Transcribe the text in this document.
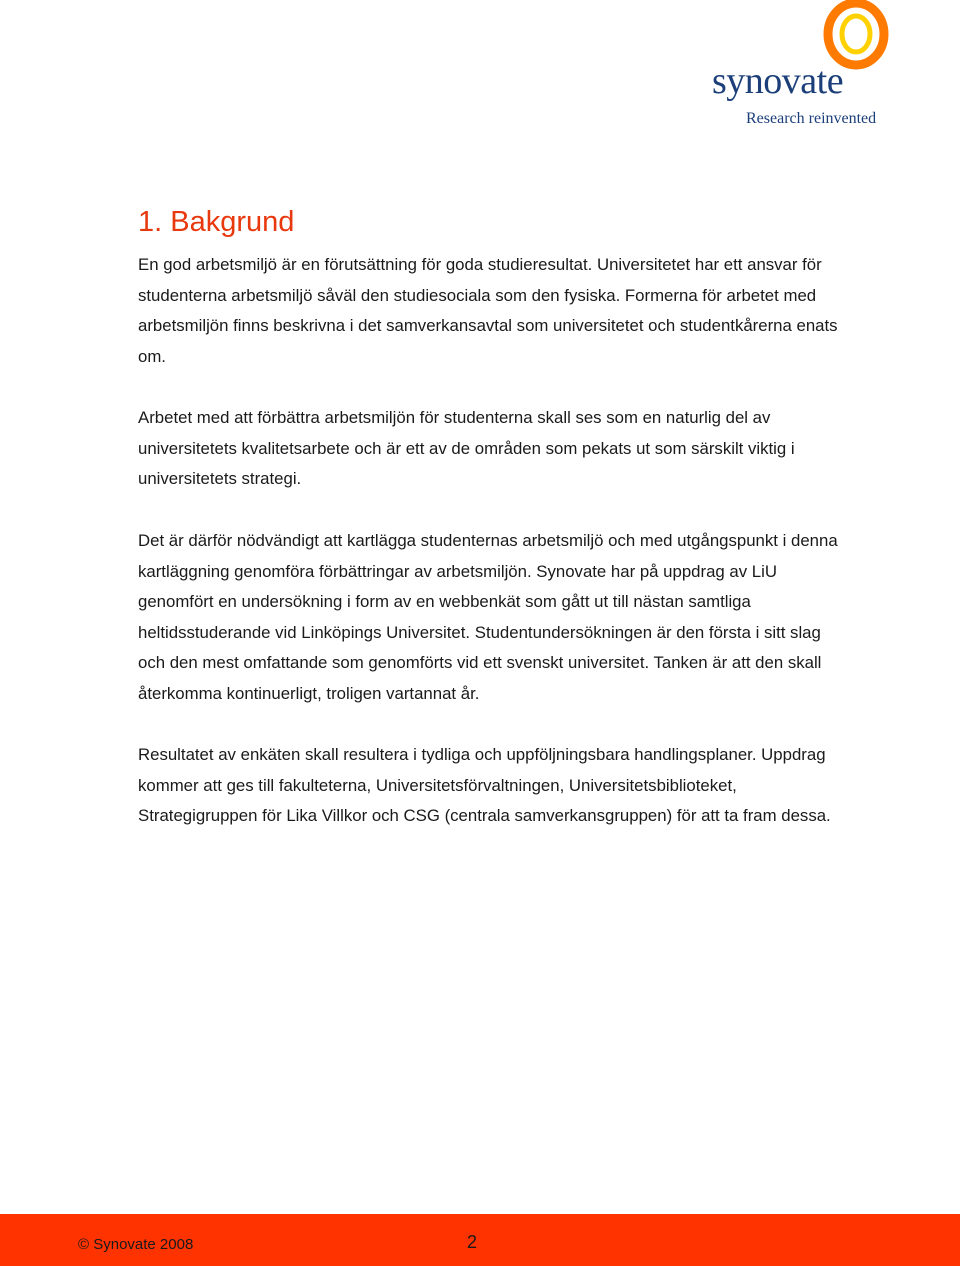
synovate
Research reinvented
1. Bakgrund

En god arbetsmiljö är en förutsättning för goda studieresultat. Universitetet har ett ansvar för studenterna arbetsmiljö såväl den studiesociala som den fysiska. Formerna för arbetet med arbetsmiljön finns beskrivna i det samverkansavtal som universitetet och studentkårerna enats om.

Arbetet med att förbättra arbetsmiljön för studenterna skall ses som en naturlig del av universitetets kvalitetsarbete och är ett av de områden som pekats ut som särskilt viktig i universitetets strategi.

Det är därför nödvändigt att kartlägga studenternas arbetsmiljö och med utgångspunkt i denna kartläggning genomföra förbättringar av arbetsmiljön. Synovate har på uppdrag av LiU genomfört en undersökning i form av en webbenkät som gått ut till nästan samtliga heltidsstuderande vid Linköpings Universitet. Studentundersökningen är den första i sitt slag och den mest omfattande som genomförts vid ett svenskt universitet. Tanken är att den skall återkomma kontinuerligt, troligen vartannat år.

Resultatet av enkäten skall resultera i tydliga och uppföljningsbara handlingsplaner. Uppdrag kommer att ges till fakulteterna, Universitetsförvaltningen, Universitetsbiblioteket, Strategigruppen för Lika Villkor och CSG (centrala samverkansgruppen) för att ta fram dessa.

© Synovate 2008	2
